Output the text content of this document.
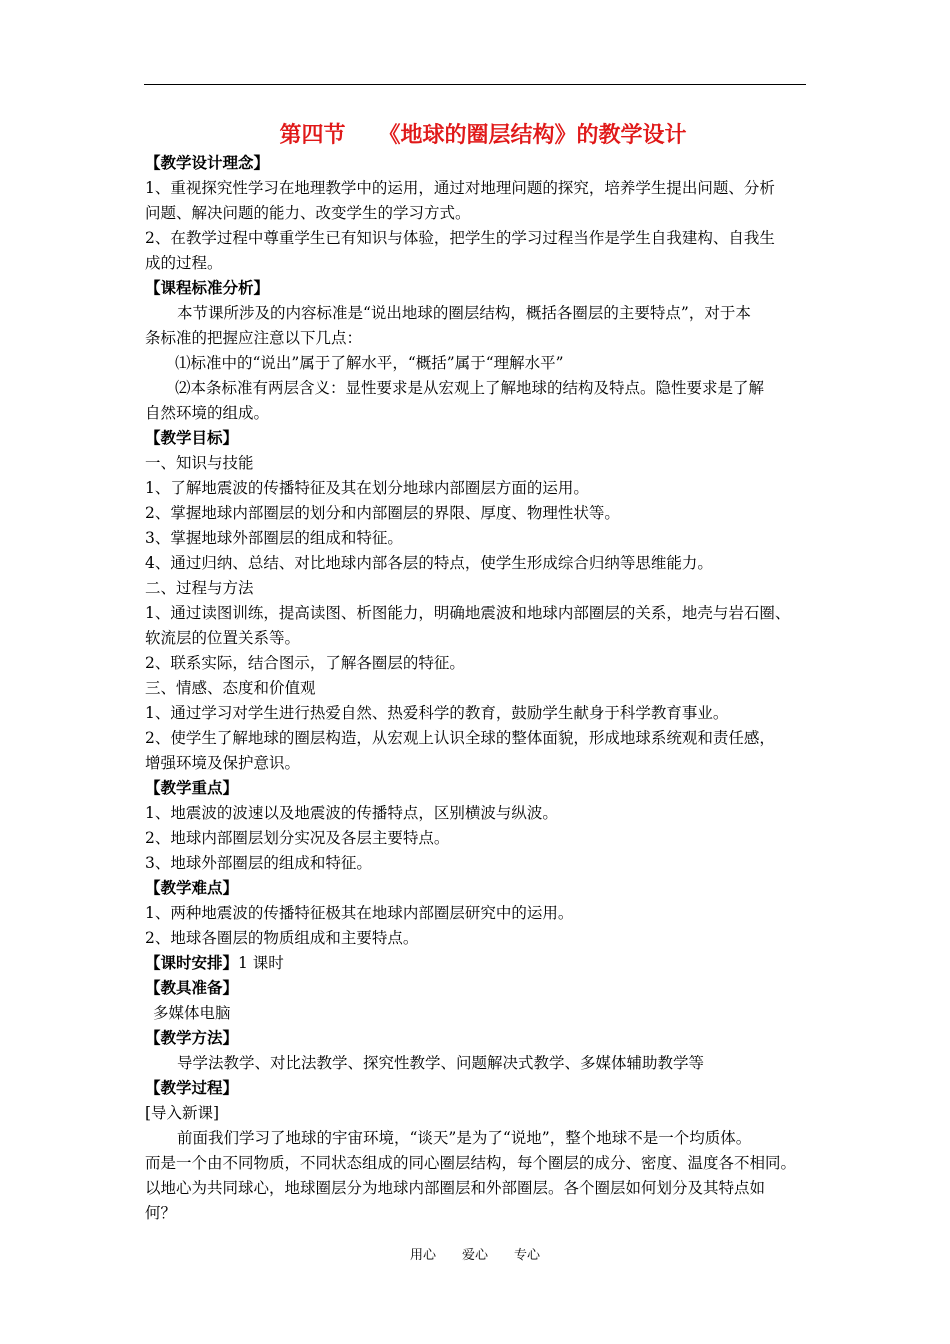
第四节　　《地球的圈层结构》的教学设计
【教学设计理念】
1、重视探究性学习在地理教学中的运用，通过对地理问题的探究，培养学生提出问题、分析
问题、解决问题的能力、改变学生的学习方式。
2、在教学过程中尊重学生已有知识与体验，把学生的学习过程当作是学生自我建构、自我生
成的过程。
【课程标准分析】
本节课所涉及的内容标准是“说出地球的圈层结构，概括各圈层的主要特点”，对于本
条标准的把握应注意以下几点：
⑴标准中的“说出”属于了解水平，“概括”属于“理解水平”
⑵本条标准有两层含义：显性要求是从宏观上了解地球的结构及特点。隐性要求是了解
自然环境的组成。
【教学目标】
一、知识与技能
1、了解地震波的传播特征及其在划分地球内部圈层方面的运用。
2、掌握地球内部圈层的划分和内部圈层的界限、厚度、物理性状等。
3、掌握地球外部圈层的组成和特征。
4、通过归纳、总结、对比地球内部各层的特点，使学生形成综合归纳等思维能力。
二、过程与方法
1、通过读图训练，提高读图、析图能力，明确地震波和地球内部圈层的关系，地壳与岩石圈、
软流层的位置关系等。
2、联系实际，结合图示，了解各圈层的特征。
三、情感、态度和价值观
1、通过学习对学生进行热爱自然、热爱科学的教育，鼓励学生献身于科学教育事业。
2、使学生了解地球的圈层构造，从宏观上认识全球的整体面貌，形成地球系统观和责任感，
增强环境及保护意识。
【教学重点】
1、地震波的波速以及地震波的传播特点，区别横波与纵波。
2、地球内部圈层划分实况及各层主要特点。
3、地球外部圈层的组成和特征。
【教学难点】
1、两种地震波的传播特征极其在地球内部圈层研究中的运用。
2、地球各圈层的物质组成和主要特点。
【课时安排】1 课时
【教具准备】
多媒体电脑
【教学方法】
导学法教学、对比法教学、探究性教学、问题解决式教学、多媒体辅助教学等
【教学过程】
[导入新课]
前面我们学习了地球的宇宙环境，“谈天”是为了“说地”，整个地球不是一个均质体。
而是一个由不同物质，不同状态组成的同心圈层结构，每个圈层的成分、密度、温度各不相同。
以地心为共同球心，地球圈层分为地球内部圈层和外部圈层。各个圈层如何划分及其特点如
何？
用心　　爱心　　专心
